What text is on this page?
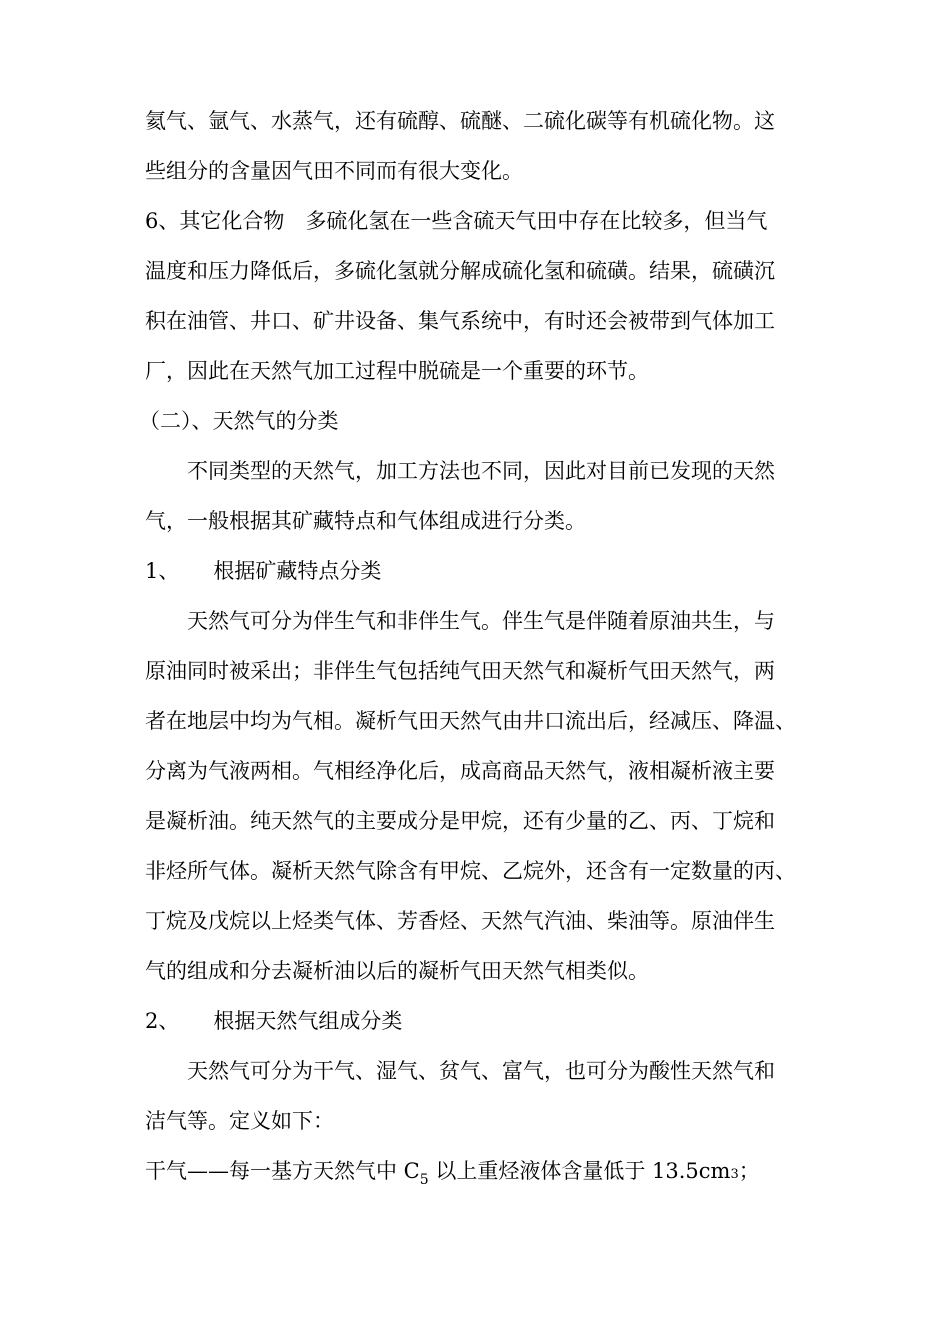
氦气、氩气、水蒸气，还有硫醇、硫醚、二硫化碳等有机硫化物。这
些组分的含量因气田不同而有很大变化。
6、其它化合物　多硫化氢在一些含硫天气田中存在比较多，但当气
温度和压力降低后，多硫化氢就分解成硫化氢和硫磺。结果，硫磺沉
积在油管、井口、矿井设备、集气系统中，有时还会被带到气体加工
厂，因此在天然气加工过程中脱硫是一个重要的环节。
（二）、天然气的分类
不同类型的天然气，加工方法也不同，因此对目前已发现的天然
气，一般根据其矿藏特点和气体组成进行分类。
1、 根据矿藏特点分类
天然气可分为伴生气和非伴生气。伴生气是伴随着原油共生，与
原油同时被采出；非伴生气包括纯气田天然气和凝析气田天然气，两
者在地层中均为气相。凝析气田天然气由井口流出后，经减压、降温、
分离为气液两相。气相经净化后，成高商品天然气，液相凝析液主要
是凝析油。纯天然气的主要成分是甲烷，还有少量的乙、丙、丁烷和
非烃所气体。凝析天然气除含有甲烷、乙烷外，还含有一定数量的丙、
丁烷及戊烷以上烃类气体、芳香烃、天然气汽油、柴油等。原油伴生
气的组成和分去凝析油以后的凝析气田天然气相类似。
2、 根据天然气组成分类
天然气可分为干气、湿气、贫气、富气，也可分为酸性天然气和
洁气等。定义如下：
干气——每一基方天然气中 $C_5$ 以上重烃液体含量低于 13.5cm3；
